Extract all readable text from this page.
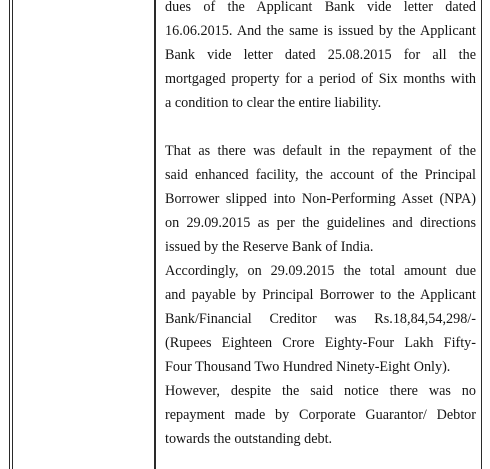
dues of the Applicant Bank vide letter dated
16.06.2015. And the same is issued by the Applicant
Bank vide letter dated 25.08.2015 for all the
mortgaged property for a period of Six months with
a condition to clear the entire liability.

That as there was default in the repayment of the
said enhanced facility, the account of the Principal
Borrower slipped into Non-Performing Asset (NPA)
on 29.09.2015 as per the guidelines and directions
issued by the Reserve Bank of India.

Accordingly, on 29.09.2015 the total amount due
and payable by Principal Borrower to the Applicant
Bank/Financial Creditor was Rs.18,84,54,298/-
(Rupees Eighteen Crore Eighty-Four Lakh Fifty-
Four Thousand Two Hundred Ninety-Eight Only).

However, despite the said notice there was no
repayment made by Corporate Guarantor/ Debtor
towards the outstanding debt.
